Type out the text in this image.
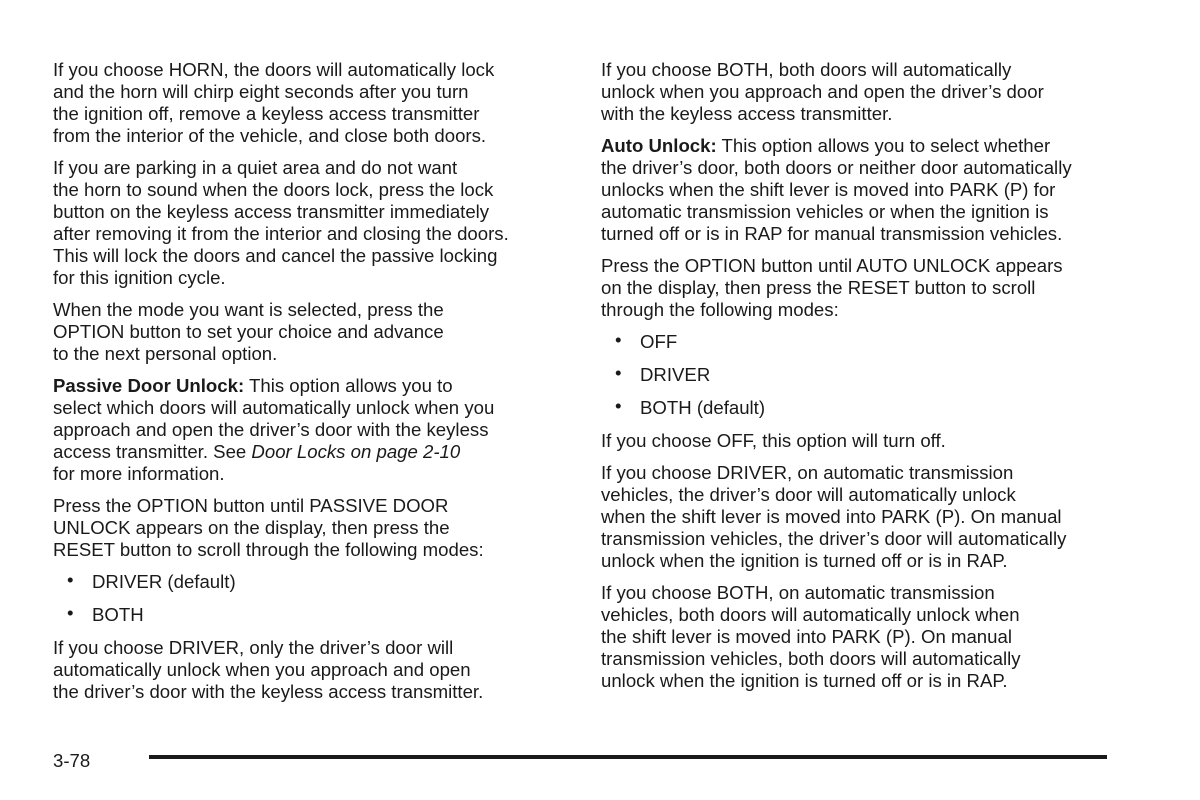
If you choose HORN, the doors will automatically lock
and the horn will chirp eight seconds after you turn
the ignition off, remove a keyless access transmitter
from the interior of the vehicle, and close both doors.

If you are parking in a quiet area and do not want
the horn to sound when the doors lock, press the lock
button on the keyless access transmitter immediately
after removing it from the interior and closing the doors.
This will lock the doors and cancel the passive locking
for this ignition cycle.

When the mode you want is selected, press the
OPTION button to set your choice and advance
to the next personal option.

Passive Door Unlock: This option allows you to
select which doors will automatically unlock when you
approach and open the driver’s door with the keyless
access transmitter. See Door Locks on page 2-10
for more information.

Press the OPTION button until PASSIVE DOOR
UNLOCK appears on the display, then press the
RESET button to scroll through the following modes:

• DRIVER (default)
• BOTH

If you choose DRIVER, only the driver’s door will
automatically unlock when you approach and open
the driver’s door with the keyless access transmitter.

If you choose BOTH, both doors will automatically
unlock when you approach and open the driver’s door
with the keyless access transmitter.

Auto Unlock: This option allows you to select whether
the driver’s door, both doors or neither door automatically
unlocks when the shift lever is moved into PARK (P) for
automatic transmission vehicles or when the ignition is
turned off or is in RAP for manual transmission vehicles.

Press the OPTION button until AUTO UNLOCK appears
on the display, then press the RESET button to scroll
through the following modes:

• OFF
• DRIVER
• BOTH (default)

If you choose OFF, this option will turn off.

If you choose DRIVER, on automatic transmission
vehicles, the driver’s door will automatically unlock
when the shift lever is moved into PARK (P). On manual
transmission vehicles, the driver’s door will automatically
unlock when the ignition is turned off or is in RAP.

If you choose BOTH, on automatic transmission
vehicles, both doors will automatically unlock when
the shift lever is moved into PARK (P). On manual
transmission vehicles, both doors will automatically
unlock when the ignition is turned off or is in RAP.

3-78
